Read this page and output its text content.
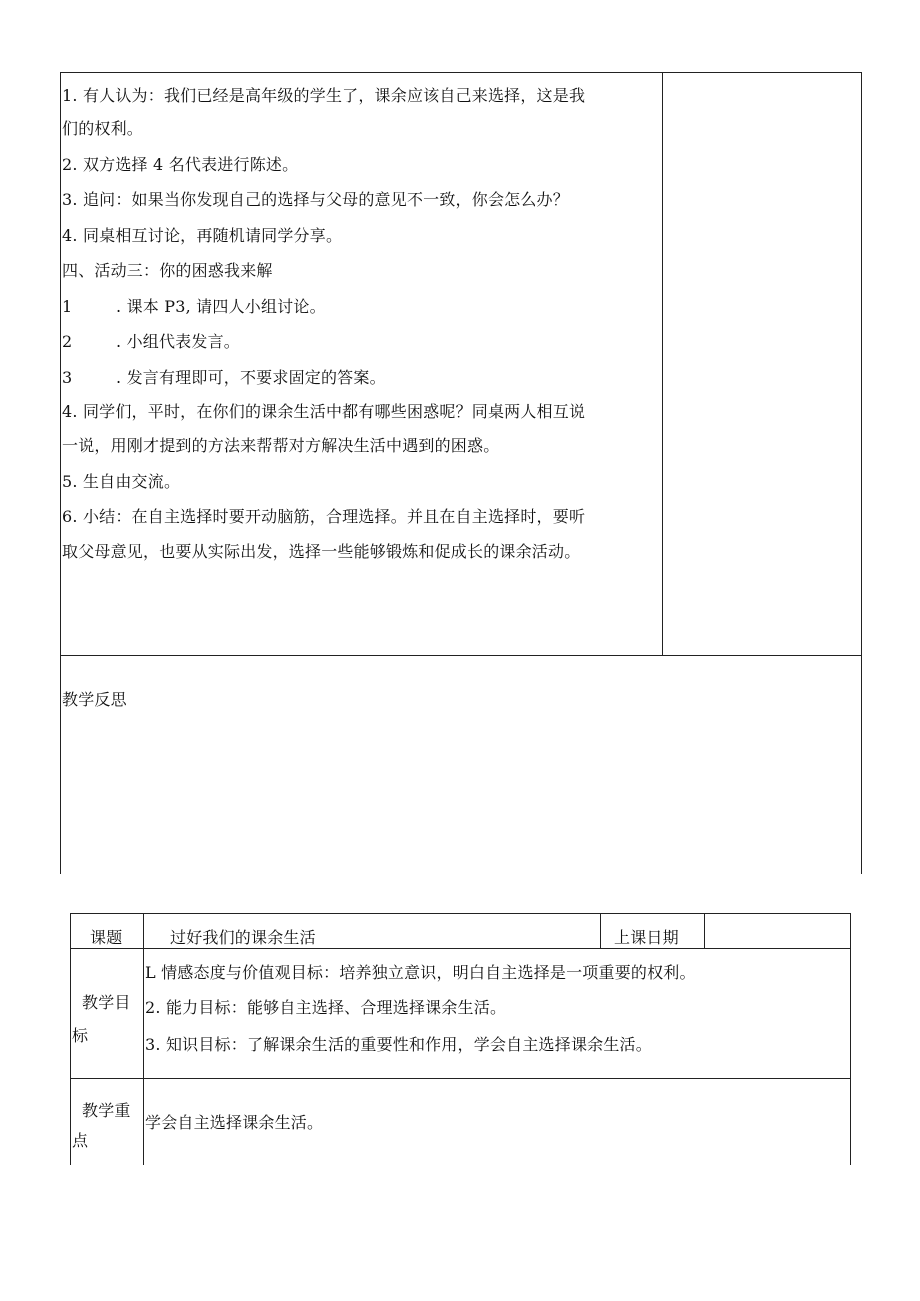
1. 有人认为：我们已经是高年级的学生了，课余应该自己来选择，这是我
们的权利。
2. 双方选择 4 名代表进行陈述。
3. 追问：如果当你发现自己的选择与父母的意见不一致，你会怎么办？
4. 同桌相互讨论，再随机请同学分享。
四、活动三：你的困惑我来解
1	. 课本 P3, 请四人小组讨论。
2	. 小组代表发言。
3	. 发言有理即可，不要求固定的答案。
4. 同学们，平时，在你们的课余生活中都有哪些困惑呢？同桌两人相互说
一说，用刚才提到的方法来帮帮对方解决生活中遇到的困惑。
5. 生自由交流。
6. 小结：在自主选择时要开动脑筋，合理选择。并且在自主选择时，要听
取父母意见，也要从实际出发，选择一些能够锻炼和促成长的课余活动。
教学反思
课题	过好我们的课余生活	上课日期
教学目
标
L 情感态度与价值观目标：培养独立意识，明白自主选择是一项重要的权利。
2. 能力目标：能够自主选择、合理选择课余生活。
3. 知识目标：了解课余生活的重要性和作用，学会自主选择课余生活。
教学重
点
学会自主选择课余生活。
